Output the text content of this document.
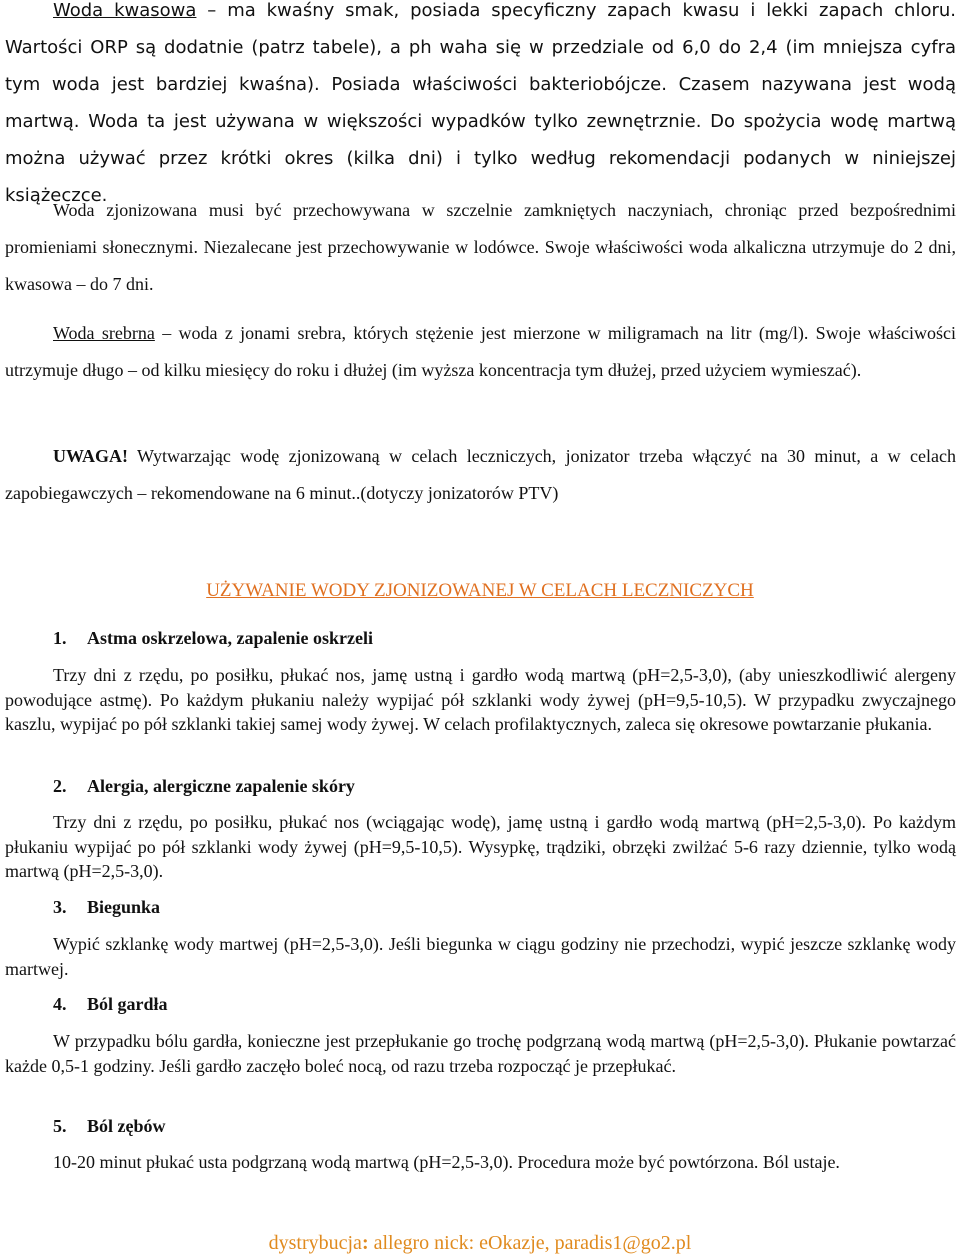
Woda kwasowa – ma kwaśny smak, posiada specyficzny zapach kwasu i lekki zapach chloru. Wartości ORP są dodatnie (patrz tabele), a ph waha się w przedziale od 6,0 do 2,4 (im mniejsza cyfra tym woda jest bardziej kwaśna). Posiada właściwości bakteriobójcze. Czasem nazywana jest wodą martwą. Woda ta jest używana w większości wypadków tylko zewnętrznie. Do spożycia wodę martwą można używać przez krótki okres (kilka dni) i tylko według rekomendacji podanych w niniejszej książeczce.

Woda zjonizowana musi być przechowywana w szczelnie zamkniętych naczyniach, chroniąc przed bezpośrednimi promieniami słonecznymi. Niezalecane jest przechowywanie w lodówce. Swoje właściwości woda alkaliczna utrzymuje do 2 dni, kwasowa – do 7 dni.

Woda srebrna – woda z jonami srebra, których stężenie jest mierzone w miligramach na litr (mg/l). Swoje właściwości utrzymuje długo – od kilku miesięcy do roku i dłużej (im wyższa koncentracja tym dłużej, przed użyciem wymieszać).

UWAGA! Wytwarzając wodę zjonizowaną w celach leczniczych, jonizator trzeba włączyć na 30 minut, a w celach zapobiegawczych – rekomendowane na 6 minut..(dotyczy jonizatorów PTV)

UŻYWANIE WODY ZJONIZOWANEJ W CELACH LECZNICZYCH
1. Astma oskrzelowa, zapalenie oskrzeli

Trzy dni z rzędu, po posiłku, płukać nos, jamę ustną i gardło wodą martwą (pH=2,5-3,0), (aby unieszkodliwić alergeny powodujące astmę). Po każdym płukaniu należy wypijać pół szklanki wody żywej (pH=9,5-10,5). W przypadku zwyczajnego kaszlu, wypijać po pół szklanki takiej samej wody żywej. W celach profilaktycznych, zaleca się okresowe powtarzanie płukania.

2. Alergia, alergiczne zapalenie skóry

Trzy dni z rzędu, po posiłku, płukać nos (wciągając wodę), jamę ustną i gardło wodą martwą (pH=2,5-3,0). Po każdym płukaniu wypijać po pół szklanki wody żywej (pH=9,5-10,5). Wysypkę, trądziki, obrzęki zwilżać 5-6 razy dziennie, tylko wodą martwą (pH=2,5-3,0).

3. Biegunka

Wypić szklankę wody martwej (pH=2,5-3,0). Jeśli biegunka w ciągu godziny nie przechodzi, wypić jeszcze szklankę wody martwej.

4. Ból gardła

W przypadku bólu gardła, konieczne jest przepłukanie go trochę podgrzaną wodą martwą (pH=2,5-3,0). Płukanie powtarzać każde 0,5-1 godziny. Jeśli gardło zaczęło boleć nocą, od razu trzeba rozpocząć je przepłukać.

5. Ból zębów

10-20 minut płukać usta podgrzaną wodą martwą (pH=2,5-3,0). Procedura może być powtórzona. Ból ustaje.

dystrybucja: allegro nick: eOkazje, paradis1@go2.pl
